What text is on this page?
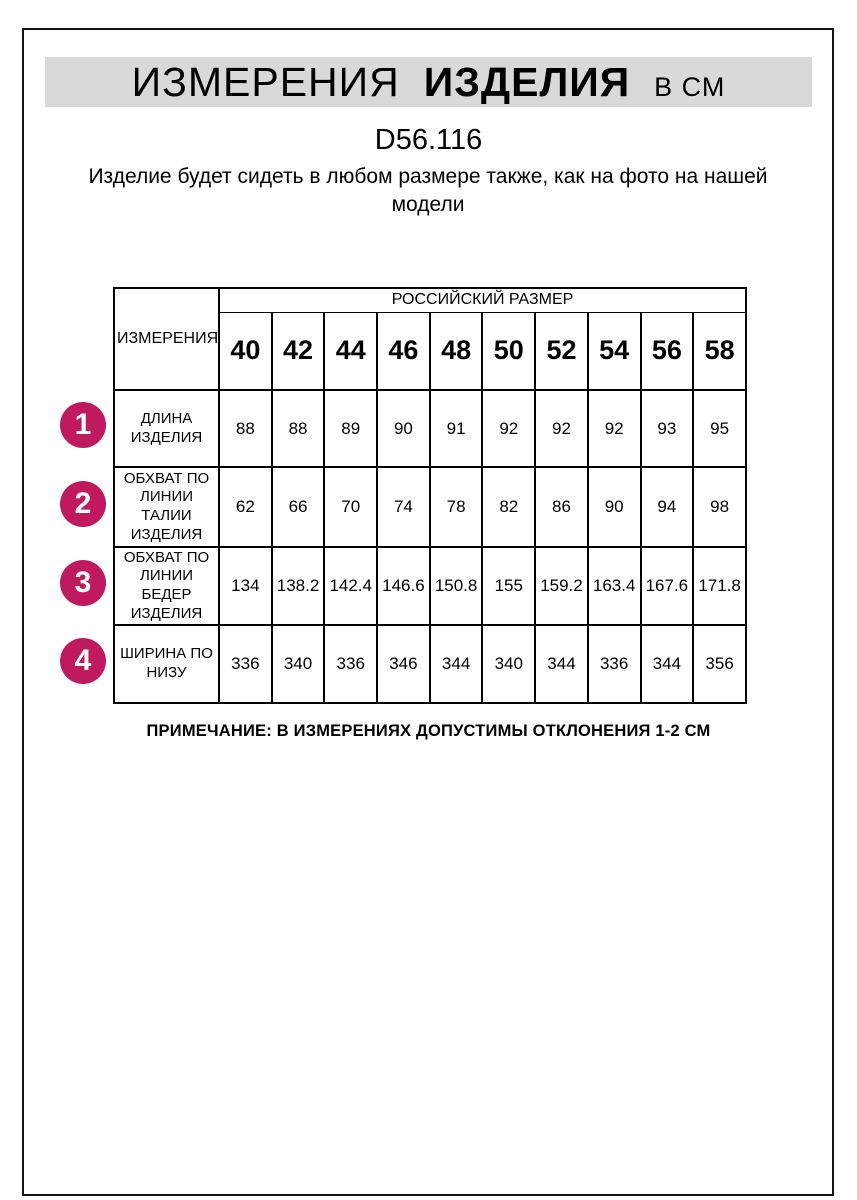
ИЗМЕРЕНИЯ ИЗДЕЛИЯ В СМ
D56.116
Изделие будет сидеть в любом размере также, как на фото на нашей модели
ИЗМЕРЕНИЯ	РОССИЙСКИЙ РАЗМЕР									
	40	42	44	46	48	50	52	54	56	58
ДЛИНА ИЗДЕЛИЯ	88	88	89	90	91	92	92	92	93	95
ОБХВАТ ПО ЛИНИИ ТАЛИИ ИЗДЕЛИЯ	62	66	70	74	78	82	86	90	94	98
ОБХВАТ ПО ЛИНИИ БЕДЕР ИЗДЕЛИЯ	134	138.2	142.4	146.6	150.8	155	159.2	163.4	167.6	171.8
ШИРИНА ПО НИЗУ	336	340	336	346	344	340	344	336	344	356
1
2
3
4
ПРИМЕЧАНИЕ: В ИЗМЕРЕНИЯХ ДОПУСТИМЫ ОТКЛОНЕНИЯ 1-2 СМ
